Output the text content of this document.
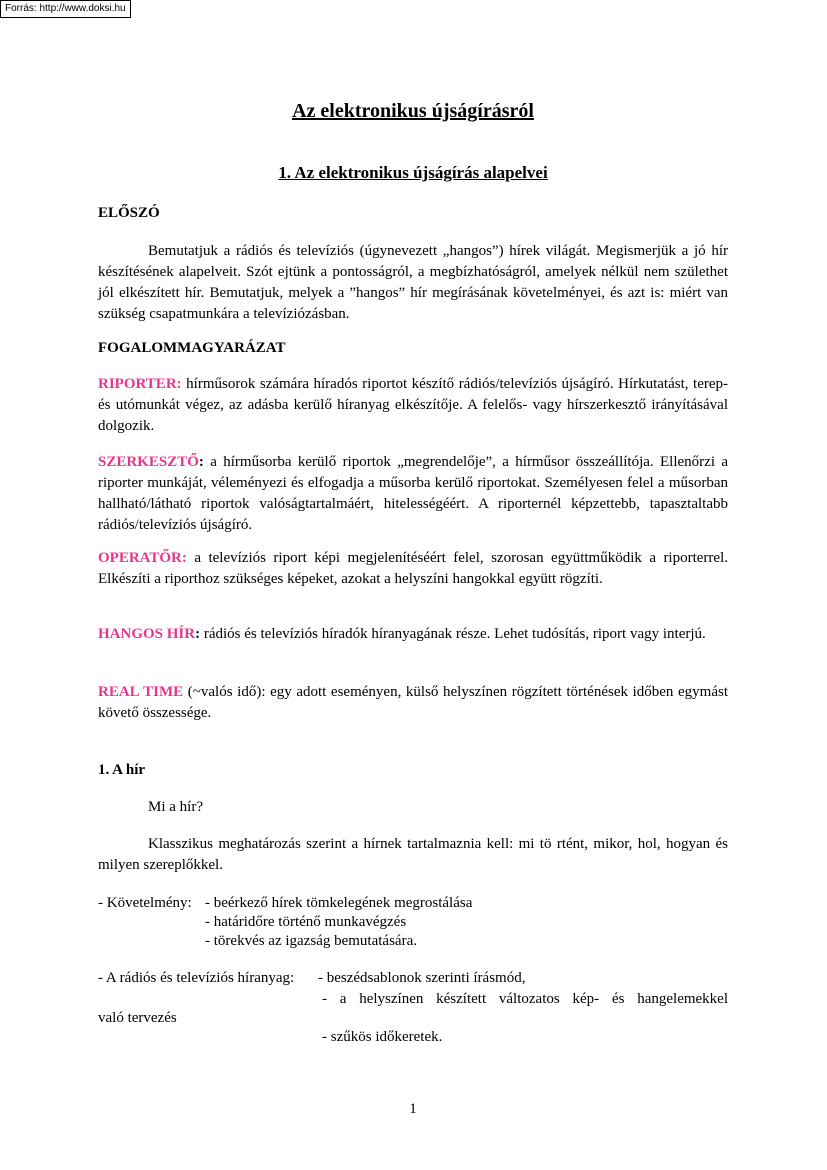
Forrás: http://www.doksi.hu
Az elektronikus újságírásról
1. Az elektronikus újságírás alapelvei
ELŐSZÓ
Bemutatjuk a rádiós és televíziós (úgynevezett „hangos”) hírek világát. Megismerjük a jó hír készítésének alapelveit. Szót ejtünk a pontosságról, a megbízhatóságról, amelyek nélkül nem születhet jól elkészített hír. Bemutatjuk, melyek a ”hangos” hír megírásának követelményei, és azt is: miért van szükség csapatmunkára a televíziózásban.
FOGALOMMAGYARÁZAT
RIPORTER: hírműsorok számára híradós riportot készítő rádiós/televíziós újságíró. Hírkutatást, terep- és utómunkát végez, az adásba kerülő híranyag elkészítője. A felelős- vagy hírszerkesztő irányításával dolgozik.
SZERKESZTŐ: a hírműsorba kerülő riportok „megrendelője”, a hírműsor összeállítója. Ellenőrzi a riporter munkáját, véleményezi és elfogadja a műsorba kerülő riportokat. Személyesen felel a műsorban hallható/látható riportok valóságtartalmáért, hitelességéért. A riporternél képzettebb, tapasztaltabb rádiós/televíziós újságíró.
OPERATŐR: a televíziós riport képi megjelenítéséért felel, szorosan együttműködik a riporterrel. Elkészíti a riporthoz szükséges képeket, azokat a helyszíni hangokkal együtt rögzíti.
HANGOS HÍR: rádiós és televíziós híradók híranyagának része. Lehet tudósítás, riport vagy interjú.
REAL TIME (~valós idő): egy adott eseményen, külső helyszínen rögzített történések időben egymást követő összessége.
1. A hír
Mi a hír?
Klasszikus meghatározás szerint a hírnek tartalmaznia kell: mi tö rtént, mikor, hol, hogyan és milyen szereplőkkel.
- Követelmény: - beérkező hírek tömkelegének megrostálása
- határidőre történő munkavégzés
- törekvés az igazság bemutatására.
- A rádiós és televíziós híranyag: - beszédsablonok szerinti írásmód,
- a helyszínen készített változatos kép- és hangelemekkel
való tervezés
- szűkös időkeretek.
1
